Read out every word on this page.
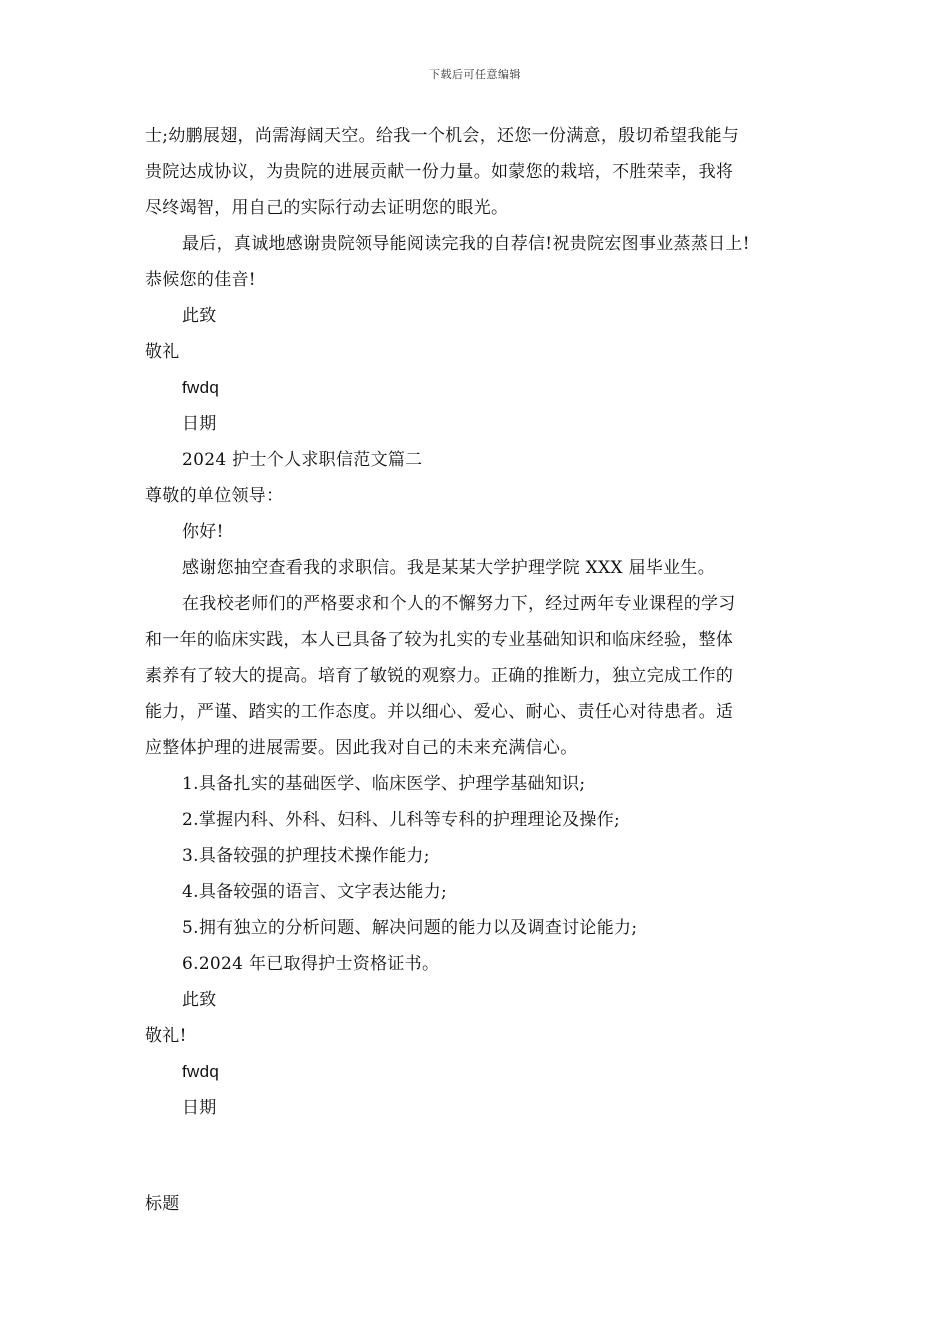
下载后可任意编辑
士;幼鹏展翅，尚需海阔天空。给我一个机会，还您一份满意，殷切希望我能与
贵院达成协议，为贵院的进展贡献一份力量。如蒙您的栽培，不胜荣幸，我将
尽终竭智，用自己的实际行动去证明您的眼光。
最后，真诚地感谢贵院领导能阅读完我的自荐信!祝贵院宏图事业蒸蒸日上!
恭候您的佳音!
此致
敬礼
fwdq
日期
2024 护士个人求职信范文篇二
尊敬的单位领导：
你好!
感谢您抽空查看我的求职信。我是某某大学护理学院 XXX 届毕业生。
在我校老师们的严格要求和个人的不懈努力下，经过两年专业课程的学习
和一年的临床实践，本人已具备了较为扎实的专业基础知识和临床经验，整体
素养有了较大的提高。培育了敏锐的观察力。正确的推断力，独立完成工作的
能力，严谨、踏实的工作态度。并以细心、爱心、耐心、责任心对待患者。适
应整体护理的进展需要。因此我对自己的未来充满信心。
1.具备扎实的基础医学、临床医学、护理学基础知识;
2.掌握内科、外科、妇科、儿科等专科的护理理论及操作;
3.具备较强的护理技术操作能力;
4.具备较强的语言、文字表达能力;
5.拥有独立的分析问题、解决问题的能力以及调查讨论能力;
6.2024 年已取得护士资格证书。
此致
敬礼!
fwdq
日期
标题
